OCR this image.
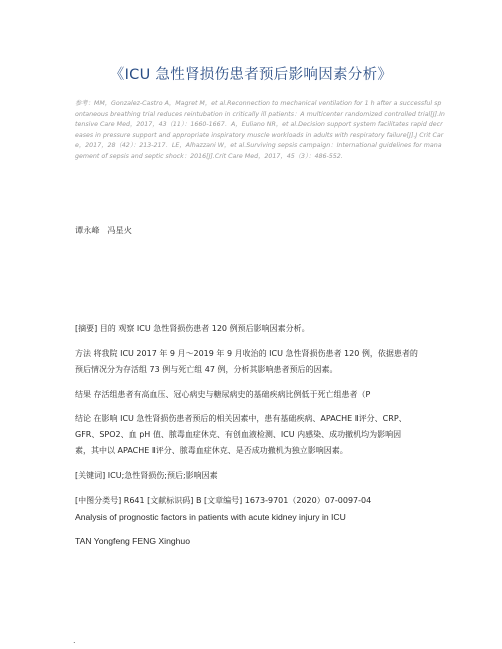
《ICU 急性肾损伤患者预后影响因素分析》
参考：MM，Gonzalez-Castro A，Magret M，et al.Reconnection to mechanical ventilation for 1 h after a successful spontaneous breathing trial reduces reintubation in critically ill patients：A multicenter randomized controlled trial[J].Intensive Care Med，2017，43（11）：1660-1667．A，Euliano NR，et al.Decision support system facilitates rapid decreases in pressure support and appropriate inspiratory muscle workloads in adults with respiratory failure[J].J Crit Care，2017，28（42）：213-217．LE，Alhazzani W，et al.Surviving sepsis campaign：International guidelines for management of sepsis and septic shock：2016[J].Crit Care Med，2017，45（3）：486-552.
谭永峰   冯星火
[摘要] 目的 观察 ICU 急性肾损伤患者 120 例预后影响因素分析。
方法 将我院 ICU 2017 年 9 月～2019 年 9 月收治的 ICU 急性肾损伤患者 120 例，依据患者的
预后情况分为存活组 73 例与死亡组 47 例，分析其影响患者预后的因素。
结果 存活组患者有高血压、冠心病史与糖尿病史的基础疾病比例低于死亡组患者（P
结论 在影响 ICU 急性肾损伤患者预后的相关因素中，患有基础疾病、APACHE Ⅱ评分、CRP、
GFR、SPO2、血 pH 值、脓毒血症休克、有创血液检测、ICU 内感染、成功撤机均为影响因
素，其中以 APACHE Ⅱ评分、脓毒血症休克、是否成功撤机为独立影响因素。
[关键词] ICU;急性肾损伤;预后;影响因素
[中图分类号] R641 [文献标识码] B [文章编号] 1673-9701（2020）07-0097-04
Analysis of prognostic factors in patients with acute kidney injury in ICU
TAN Yongfeng FENG Xinghuo
.
